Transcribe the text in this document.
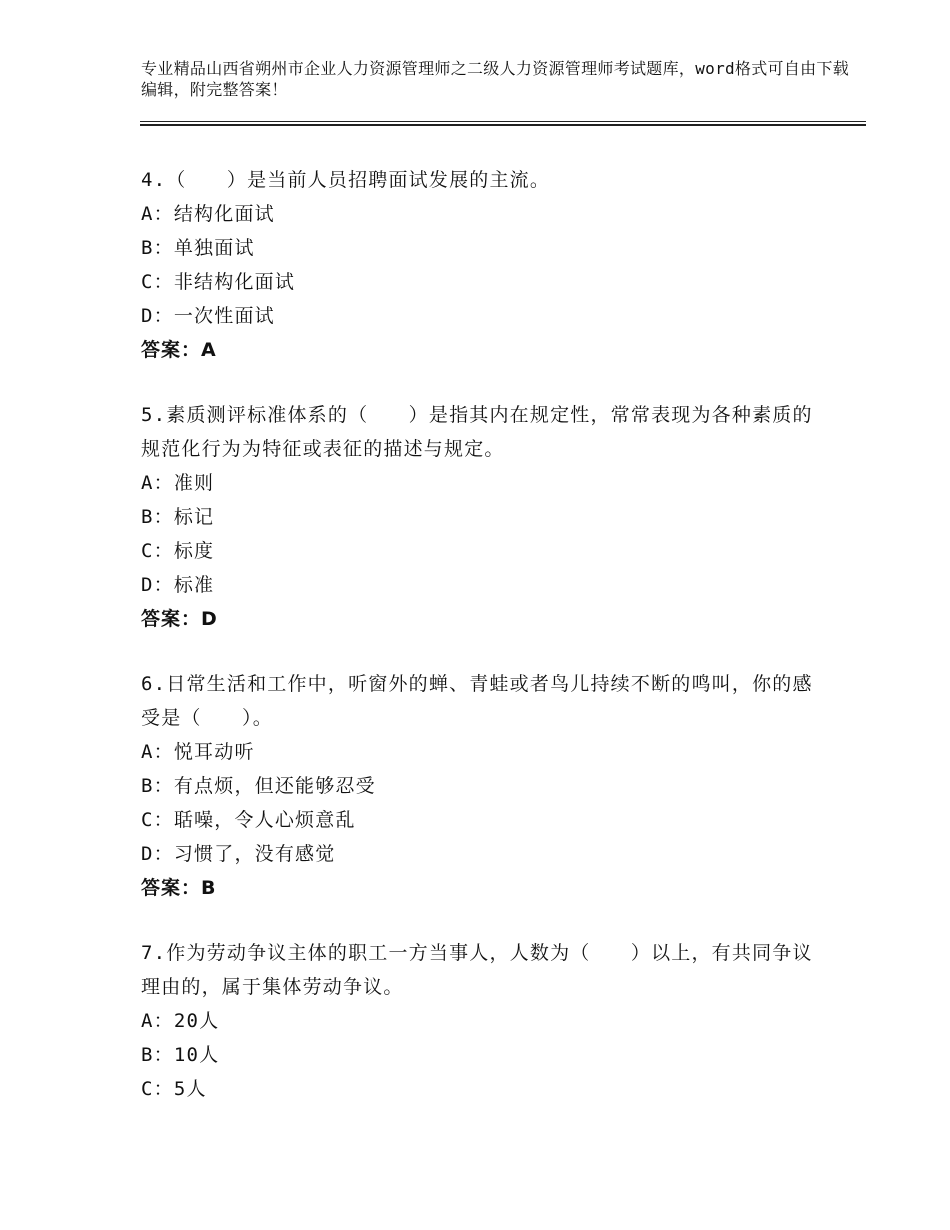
专业精品山西省朔州市企业人力资源管理师之二级人力资源管理师考试题库，word格式可自由下载编辑，附完整答案！
4.（　　）是当前人员招聘面试发展的主流。
A：结构化面试
B：单独面试
C：非结构化面试
D：一次性面试
答案：A
5.素质测评标准体系的（　　）是指其内在规定性，常常表现为各种素质的规范化行为为特征或表征的描述与规定。
A：准则
B：标记
C：标度
D：标准
答案：D
6.日常生活和工作中，听窗外的蝉、青蛙或者鸟儿持续不断的鸣叫，你的感受是（　　）。
A：悦耳动听
B：有点烦，但还能够忍受
C：聒噪，令人心烦意乱
D：习惯了，没有感觉
答案：B
7.作为劳动争议主体的职工一方当事人，人数为（　　）以上，有共同争议理由的，属于集体劳动争议。
A：20人
B：10人
C：5人
